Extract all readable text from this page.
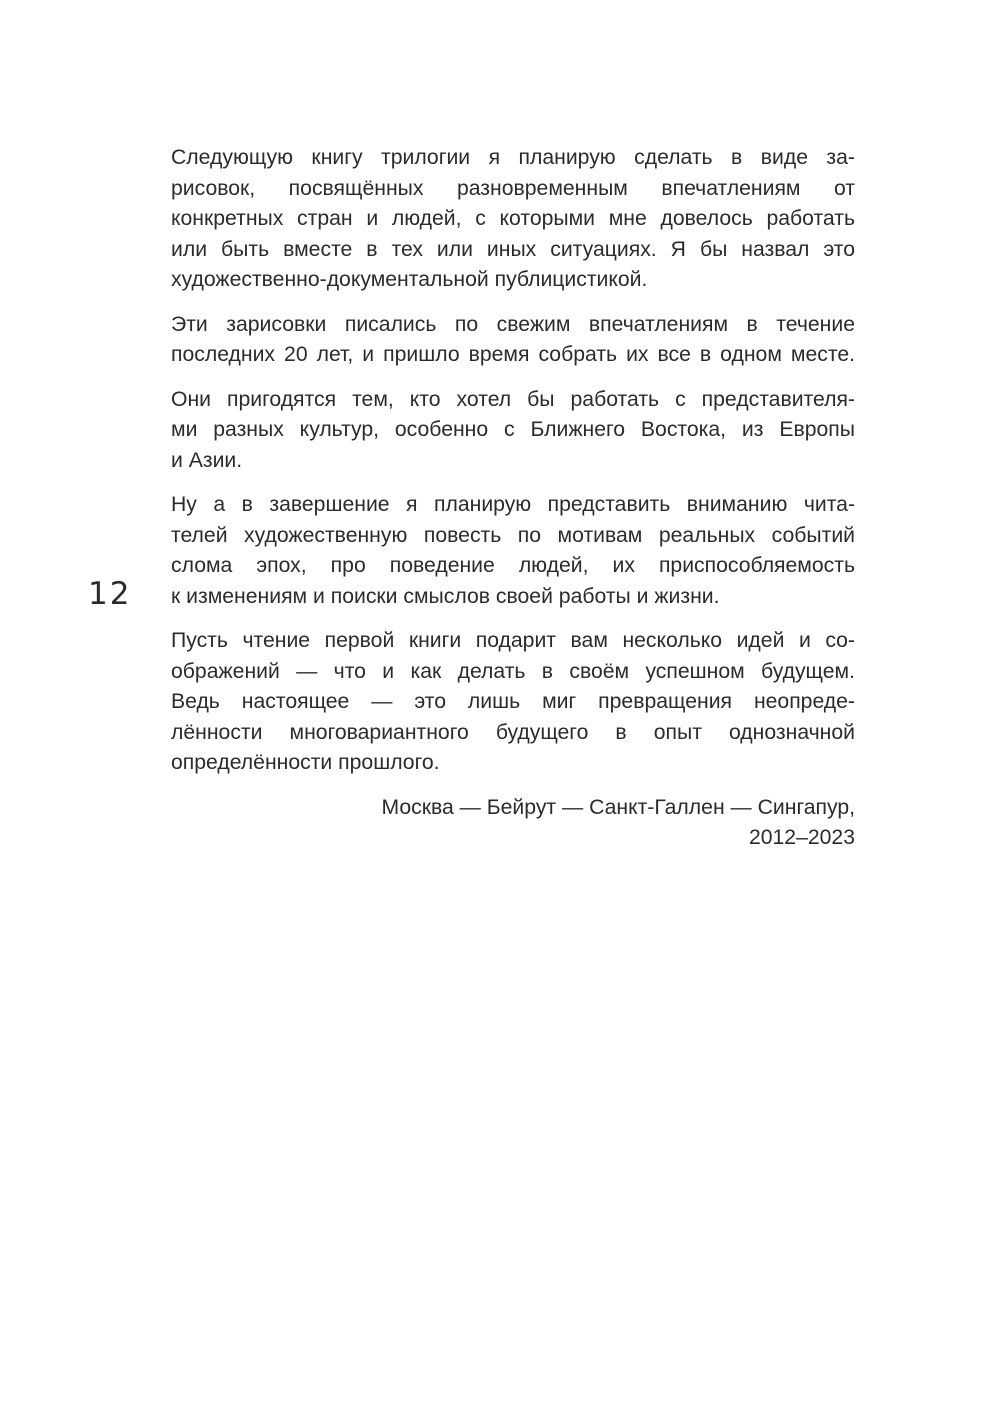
12

Следующую книгу трилогии я планирую сделать в виде за-
рисовок, посвящённых разновременным впечатлениям от
конкретных стран и людей, с которыми мне довелось работать
или быть вместе в тех или иных ситуациях. Я бы назвал это
художественно-документальной публицистикой.

Эти зарисовки писались по свежим впечатлениям в течение
последних 20 лет, и пришло время собрать их все в одном месте.

Они пригодятся тем, кто хотел бы работать с представителя-
ми разных культур, особенно с Ближнего Востока, из Европы
и Азии.

Ну а в завершение я планирую представить вниманию чита-
телей художественную повесть по мотивам реальных событий
слома эпох, про поведение людей, их приспособляемость
к изменениям и поиски смыслов своей работы и жизни.

Пусть чтение первой книги подарит вам несколько идей и со-
ображений — что и как делать в своём успешном будущем.
Ведь настоящее — это лишь миг превращения неопреде-
лённости многовариантного будущего в опыт однозначной
определённости прошлого.

Москва — Бейрут — Санкт-Галлен — Сингапур,
2012–2023
